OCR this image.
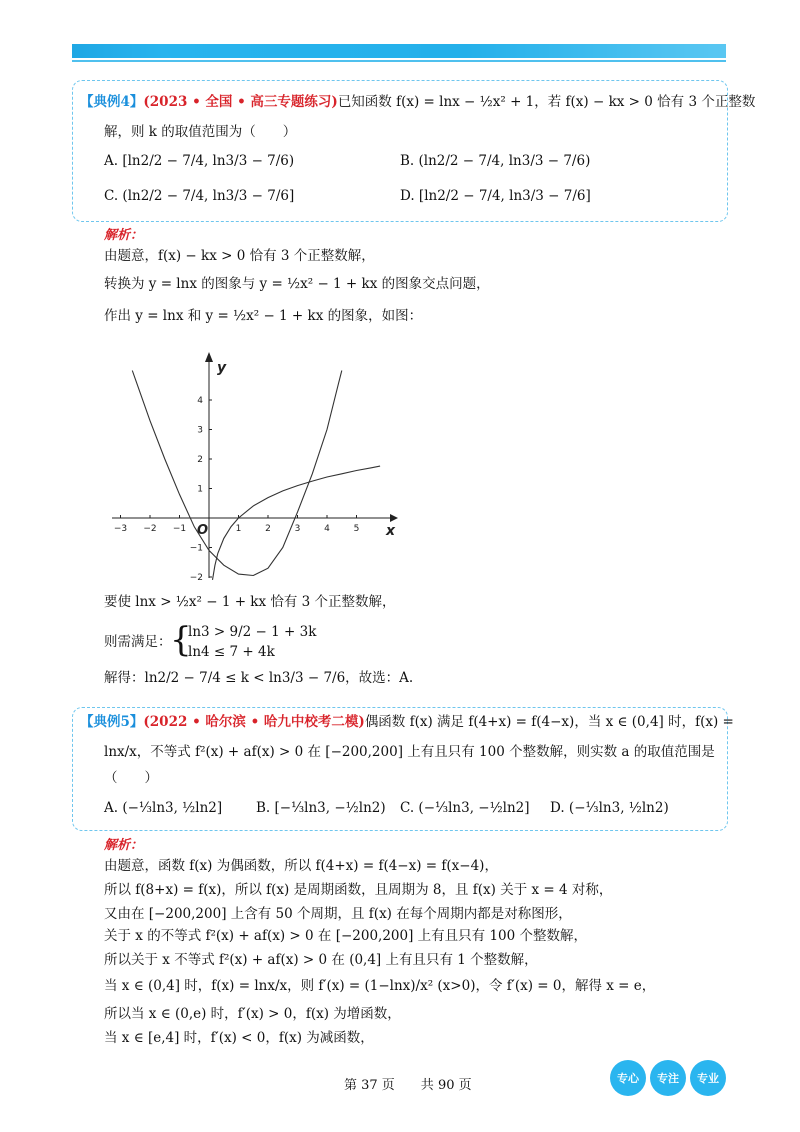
【典例4】(2023 • 全国 • 高三专题练习)已知函数 f(x) = lnx − ½x² + 1，若 f(x) − kx > 0 恰有 3 个正整数
解，则 k 的取值范围为（　　）
A. [ln2/2 − 7/4, ln3/3 − 7/6)	B. (ln2/2 − 7/4, ln3/3 − 7/6)
C. (ln2/2 − 7/4, ln3/3 − 7/6]	D. [ln2/2 − 7/4, ln3/3 − 7/6]
解析：
由题意，f(x) − kx > 0 恰有 3 个正整数解，
转换为 y = lnx 的图象与 y = ½x² − 1 + kx 的图象交点问题，
作出 y = lnx 和 y = ½x² − 1 + kx 的图象，如图：
−3 −2 −1	1	2	3	4	5
−2
−1
1
2
3
4
x
y
O
要使 lnx > ½x² − 1 + kx 恰有 3 个正整数解，
则需满足：
{
ln3 > 9/2 − 1 + 3k
ln4 ≤ 7 + 4k
解得：ln2/2 − 7/4 ≤ k < ln3/3 − 7/6，故选：A.
【典例5】(2022 • 哈尔滨 • 哈九中校考二模)偶函数 f(x) 满足 f(4+x) = f(4−x)，当 x ∈ (0,4] 时，f(x) =
lnx/x，不等式 f²(x) + af(x) > 0 在 [−200,200] 上有且只有 100 个整数解，则实数 a 的取值范围是
（　　）
A. (−⅓ln3, ½ln2]	B. [−⅓ln3, −½ln2) C. (−⅓ln3, −½ln2] D. (−⅓ln3, ½ln2)
解析：
由题意，函数 f(x) 为偶函数，所以 f(4+x) = f(4−x) = f(x−4)，
所以 f(8+x) = f(x)，所以 f(x) 是周期函数，且周期为 8，且 f(x) 关于 x = 4 对称，
又由在 [−200,200] 上含有 50 个周期，且 f(x) 在每个周期内都是对称图形，
关于 x 的不等式 f²(x) + af(x) > 0 在 [−200,200] 上有且只有 100 个整数解，
所以关于 x 不等式 f²(x) + af(x) > 0 在 (0,4] 上有且只有 1 个整数解，
当 x ∈ (0,4] 时，f(x) = lnx/x，则 f′(x) = (1−lnx)/x² (x>0)，令 f′(x) = 0，解得 x = e，
所以当 x ∈ (0,e) 时，f′(x) > 0，f(x) 为增函数，
当 x ∈ [e,4] 时，f′(x) < 0，f(x) 为减函数，
第 37 页　　共 90 页	专心	专注	专业
